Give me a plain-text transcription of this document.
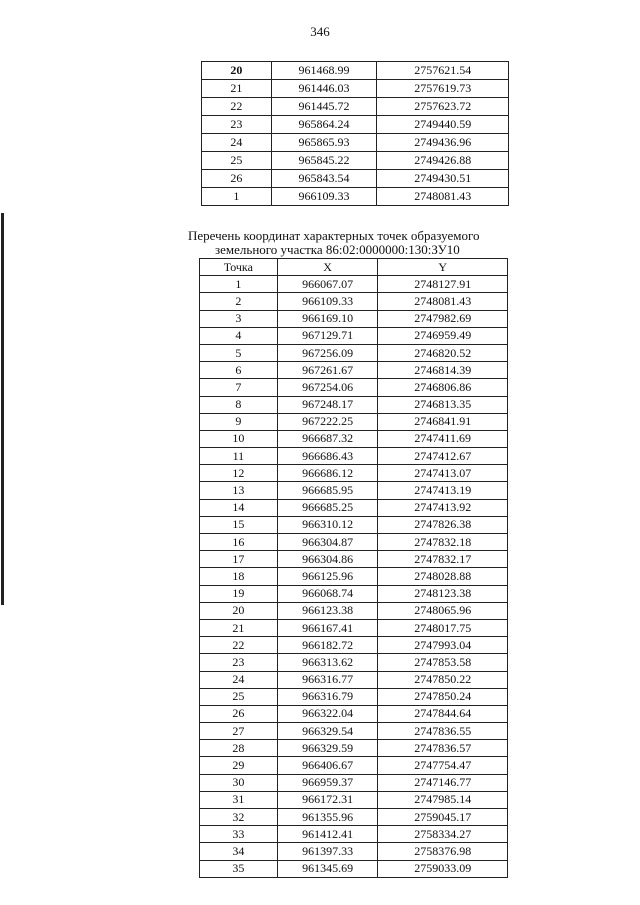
346
20	961468.99	2757621.54
21	961446.03	2757619.73
22	961445.72	2757623.72
23	965864.24	2749440.59
24	965865.93	2749436.96
25	965845.22	2749426.88
26	965843.54	2749430.51
1	966109.33	2748081.43
Перечень координат характерных точек образуемого
земельного участка 86:02:0000000:130:ЗУ10
Точка	X	Y
1	966067.07	2748127.91
2	966109.33	2748081.43
3	966169.10	2747982.69
4	967129.71	2746959.49
5	967256.09	2746820.52
6	967261.67	2746814.39
7	967254.06	2746806.86
8	967248.17	2746813.35
9	967222.25	2746841.91
10	966687.32	2747411.69
11	966686.43	2747412.67
12	966686.12	2747413.07
13	966685.95	2747413.19
14	966685.25	2747413.92
15	966310.12	2747826.38
16	966304.87	2747832.18
17	966304.86	2747832.17
18	966125.96	2748028.88
19	966068.74	2748123.38
20	966123.38	2748065.96
21	966167.41	2748017.75
22	966182.72	2747993.04
23	966313.62	2747853.58
24	966316.77	2747850.22
25	966316.79	2747850.24
26	966322.04	2747844.64
27	966329.54	2747836.55
28	966329.59	2747836.57
29	966406.67	2747754.47
30	966959.37	2747146.77
31	966172.31	2747985.14
32	961355.96	2759045.17
33	961412.41	2758334.27
34	961397.33	2758376.98
35	961345.69	2759033.09
